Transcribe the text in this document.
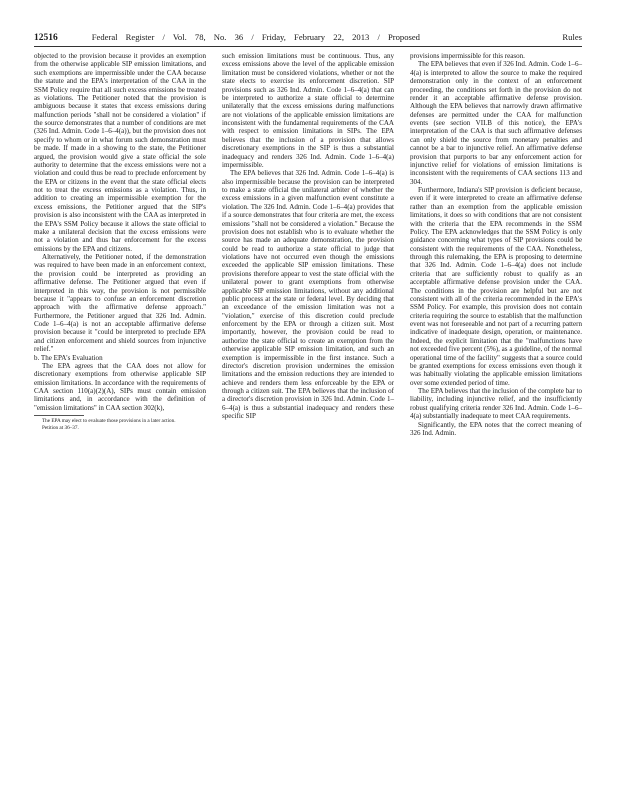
12516	Federal Register / Vol. 78, No. 36 / Friday, February 22, 2013 / Proposed	Rules

objected to the provision because it provides an exemption from the otherwise applicable SIP emission limitations, and such exemptions are impermissible under the CAA because the statute and the EPA's interpretation of the CAA in the SSM Policy require that all such excess emissions be treated as violations. The Petitioner noted that the provision is ambiguous because it states that excess emissions during malfunction periods "shall not be considered a violation" if the source demonstrates that a number of conditions are met (326 Ind. Admin. Code 1–6–4(a)), but the provision does not specify to whom or in what forum such demonstration must be made. If made in a showing to the state, the Petitioner argued, the provision would give a state official the sole authority to determine that the excess emissions were not a violation and could thus be read to preclude enforcement by the EPA or citizens in the event that the state official elects not to treat the excess emissions as a violation. Thus, in addition to creating an impermissible exemption for the excess emissions, the Petitioner argued that the SIP's provision is also inconsistent with the CAA as interpreted in the EPA's SSM Policy because it allows the state official to make a unilateral decision that the excess emissions were not a violation and thus bar enforcement for the excess emissions by the EPA and citizens.

Alternatively, the Petitioner noted, if the demonstration was required to have been made in an enforcement context, the provision could be interpreted as providing an affirmative defense. The Petitioner argued that even if interpreted in this way, the provision is not permissible because it "appears to confuse an enforcement discretion approach with the affirmative defense approach." Furthermore, the Petitioner argued that 326 Ind. Admin. Code 1–6–4(a) is not an acceptable affirmative defense provision because it "could be interpreted to preclude EPA and citizen enforcement and shield sources from injunctive relief."

b. The EPA's Evaluation

The EPA agrees that the CAA does not allow for discretionary exemptions from otherwise applicable SIP emission limitations. In accordance with the requirements of CAA section 110(a)(2)(A), SIPs must contain emission limitations and, in accordance with the definition of "emission limitations" in CAA section 302(k),

The EPA may elect to evaluate those provisions in a later action.

Petition at 36–37.

such emission limitations must be continuous. Thus, any excess emissions above the level of the applicable emission limitation must be considered violations, whether or not the state elects to exercise its enforcement discretion. SIP provisions such as 326 Ind. Admin. Code 1–6–4(a) that can be interpreted to authorize a state official to determine unilaterally that the excess emissions during malfunctions are not violations of the applicable emission limitations are inconsistent with the fundamental requirements of the CAA with respect to emission limitations in SIPs. The EPA believes that the inclusion of a provision that allows discretionary exemptions in the SIP is thus a substantial inadequacy and renders 326 Ind. Admin. Code 1–6–4(a) impermissible.

The EPA believes that 326 Ind. Admin. Code 1–6–4(a) is also impermissible because the provision can be interpreted to make a state official the unilateral arbiter of whether the excess emissions in a given malfunction event constitute a violation. The 326 Ind. Admin. Code 1–6–4(a) provides that if a source demonstrates that four criteria are met, the excess emissions "shall not be considered a violation." Because the provision does not establish who is to evaluate whether the source has made an adequate demonstration, the provision could be read to authorize a state official to judge that violations have not occurred even though the emissions exceeded the applicable SIP emission limitations. These provisions therefore appear to vest the state official with the unilateral power to grant exemptions from otherwise applicable SIP emission limitations, without any additional public process at the state or federal level. By deciding that an exceedance of the emission limitation was not a "violation," exercise of this discretion could preclude enforcement by the EPA or through a citizen suit. Most importantly, however, the provision could be read to authorize the state official to create an exemption from the otherwise applicable SIP emission limitation, and such an exemption is impermissible in the first instance. Such a director's discretion provision undermines the emission limitations and the emission reductions they are intended to achieve and renders them less enforceable by the EPA or through a citizen suit. The EPA believes that the inclusion of a director's discretion provision in 326 Ind. Admin. Code 1–6–4(a) is thus a substantial inadequacy and renders these specific SIP

provisions impermissible for this reason.

The EPA believes that even if 326 Ind. Admin. Code 1–6–4(a) is interpreted to allow the source to make the required demonstration only in the context of an enforcement proceeding, the conditions set forth in the provision do not render it an acceptable affirmative defense provision. Although the EPA believes that narrowly drawn affirmative defenses are permitted under the CAA for malfunction events (see section VII.B of this notice), the EPA's interpretation of the CAA is that such affirmative defenses can only shield the source from monetary penalties and cannot be a bar to injunctive relief. An affirmative defense provision that purports to bar any enforcement action for injunctive relief for violations of emission limitations is inconsistent with the requirements of CAA sections 113 and 304.

Furthermore, Indiana's SIP provision is deficient because, even if it were interpreted to create an affirmative defense rather than an exemption from the applicable emission limitations, it does so with conditions that are not consistent with the criteria that the EPA recommends in the SSM Policy. The EPA acknowledges that the SSM Policy is only guidance concerning what types of SIP provisions could be consistent with the requirements of the CAA. Nonetheless, through this rulemaking, the EPA is proposing to determine that 326 Ind. Admin. Code 1–6–4(a) does not include criteria that are sufficiently robust to qualify as an acceptable affirmative defense provision under the CAA. The conditions in the provision are helpful but are not consistent with all of the criteria recommended in the EPA's SSM Policy. For example, this provision does not contain criteria requiring the source to establish that the malfunction event was not foreseeable and not part of a recurring pattern indicative of inadequate design, operation, or maintenance. Indeed, the explicit limitation that the "malfunctions have not exceeded five percent (5%), as a guideline, of the normal operational time of the facility" suggests that a source could be granted exemptions for excess emissions even though it was habitually violating the applicable emission limitations over some extended period of time.

The EPA believes that the inclusion of the complete bar to liability, including injunctive relief, and the insufficiently robust qualifying criteria render 326 Ind. Admin. Code 1–6–4(a) substantially inadequate to meet CAA requirements.

Significantly, the EPA notes that the correct meaning of 326 Ind. Admin.
